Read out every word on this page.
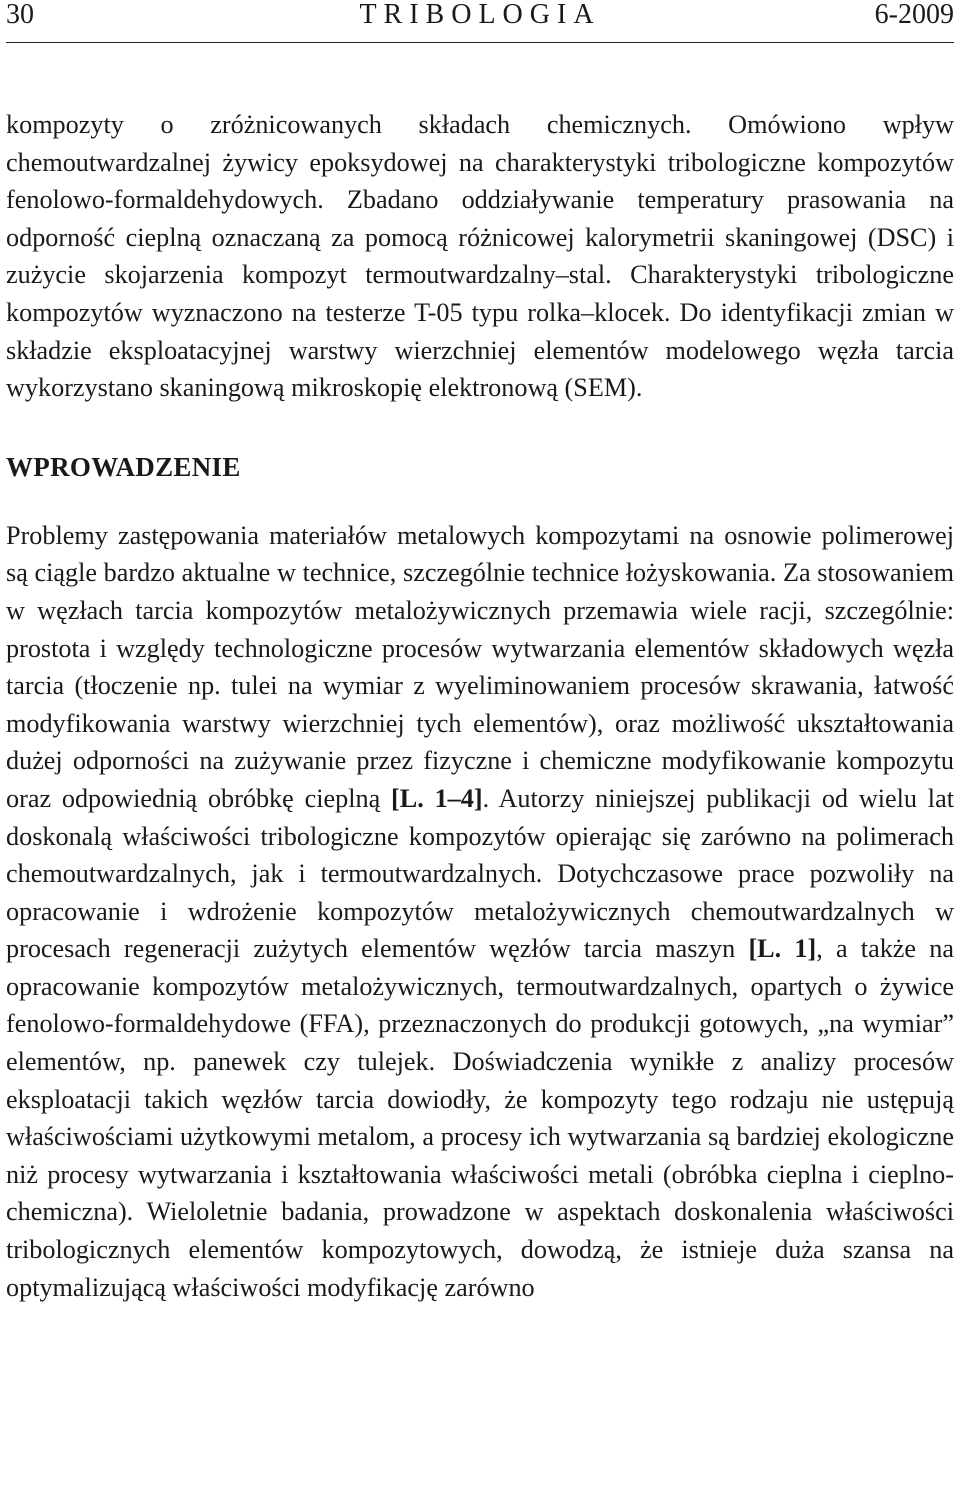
30	TRIBOLOGIA	6-2009

kompozyty o zróżnicowanych składach chemicznych. Omówiono wpływ chemoutwardzalnej żywicy epoksydowej na charakterystyki tribologiczne kompozytów fenolowo-formaldehydowych. Zbadano oddziaływanie temperatury prasowania na odporność cieplną oznaczaną za pomocą różnicowej kalorymetrii skaningowej (DSC) i zużycie skojarzenia kompozyt termoutwardzalny–stal. Charakterystyki tribologiczne kompozytów wyznaczono na testerze T-05 typu rolka–klocek. Do identyfikacji zmian w składzie eksploatacyjnej warstwy wierzchniej elementów modelowego węzła tarcia wykorzystano skaningową mikroskopię elektronową (SEM).

WPROWADZENIE

Problemy zastępowania materiałów metalowych kompozytami na osnowie polimerowej są ciągle bardzo aktualne w technice, szczególnie technice łożyskowania. Za stosowaniem w węzłach tarcia kompozytów metalożywicznych przemawia wiele racji, szczególnie: prostota i względy technologiczne procesów wytwarzania elementów składowych węzła tarcia (tłoczenie np. tulei na wymiar z wyeliminowaniem procesów skrawania, łatwość modyfikowania warstwy wierzchniej tych elementów), oraz możliwość ukształtowania dużej odporności na zużywanie przez fizyczne i chemiczne modyfikowanie kompozytu oraz odpowiednią obróbkę cieplną [L. 1–4]. Autorzy niniejszej publikacji od wielu lat doskonalą właściwości tribologiczne kompozytów opierając się zarówno na polimerach chemoutwardzalnych, jak i termoutwardzalnych. Dotychczasowe prace pozwoliły na opracowanie i wdrożenie kompozytów metalożywicznych chemoutwardzalnych w procesach regeneracji zużytych elementów węzłów tarcia maszyn [L. 1], a także na opracowanie kompozytów metalożywicznych, termoutwardzalnych, opartych o żywice fenolowo-formaldehydowe (FFA), przeznaczonych do produkcji gotowych, „na wymiar” elementów, np. panewek czy tulejek. Doświadczenia wynikłe z analizy procesów eksploatacji takich węzłów tarcia dowiodły, że kompozyty tego rodzaju nie ustępują właściwościami użytkowymi metalom, a procesy ich wytwarzania są bardziej ekologiczne niż procesy wytwarzania i kształtowania właściwości metali (obróbka cieplna i cieplno-chemiczna). Wieloletnie badania, prowadzone w aspektach doskonalenia właściwości tribologicznych elementów kompozytowych, dowodzą, że istnieje duża szansa na optymalizującą właściwości modyfikację zarówno
